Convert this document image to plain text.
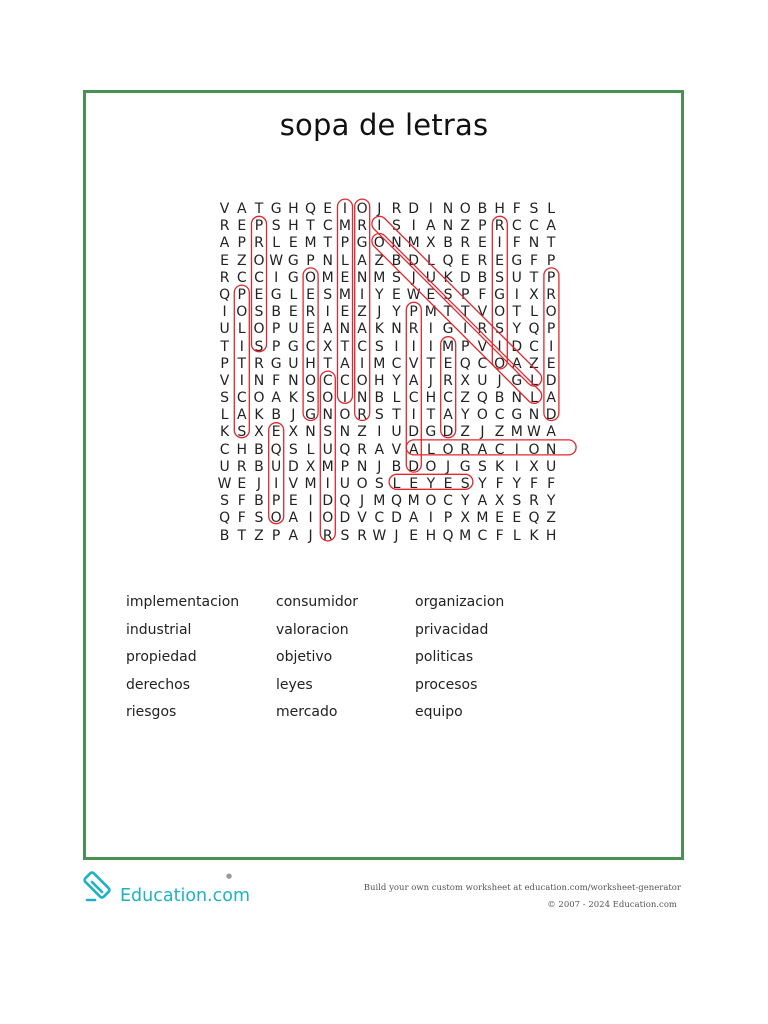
sopa de letras
V A T G H Q E I O J R D I N O B H F S L
R E P S H T C M R I S I A N Z P R C C A
A P R L E M T P G O N M X B R E I F N T
E Z O W G P N L A Z B D L Q E R E G F P
R C C I G O M E N M S J U K D B S U T P
Q P E G L E S M I Y E W E S P F G I X R
I O S B E R I E Z J Y P M T T V O T L O
U L O P U E A N A K N R I G I R S Y Q P
T I S P G C X T C S I I I M P V I D C I
P T R G U H T A I M C V T E Q C O A Z E
V I N F N O C C O H Y A J R X U J G L D
S C O A K S O I N B L C H C Z Q B N L A
L A K B J G N O R S T I T A Y O C G N D
K S X E X N S N Z I U D G D Z J Z M W A
C H B Q S L U Q R A V A L O R A C I O N
U R B U D X M P N J B D O J G S K I X U
W E J I V M I U O S L E Y E S Y F Y F F
S F B P E I D Q J M Q M O C Y A X S R Y
Q F S O A I O D V C D A I P X M E E Q Z
B T Z P A J R S R W J E H Q M C F L K H
implementacion
industrial
propiedad
derechos
riesgos
consumidor
valoracion
objetivo
leyes
mercado
organizacion
privacidad
politicas
procesos
equipo
Education.com
●
Build your own custom worksheet at education.com/worksheet-generator
© 2007 - 2024 Education.com
